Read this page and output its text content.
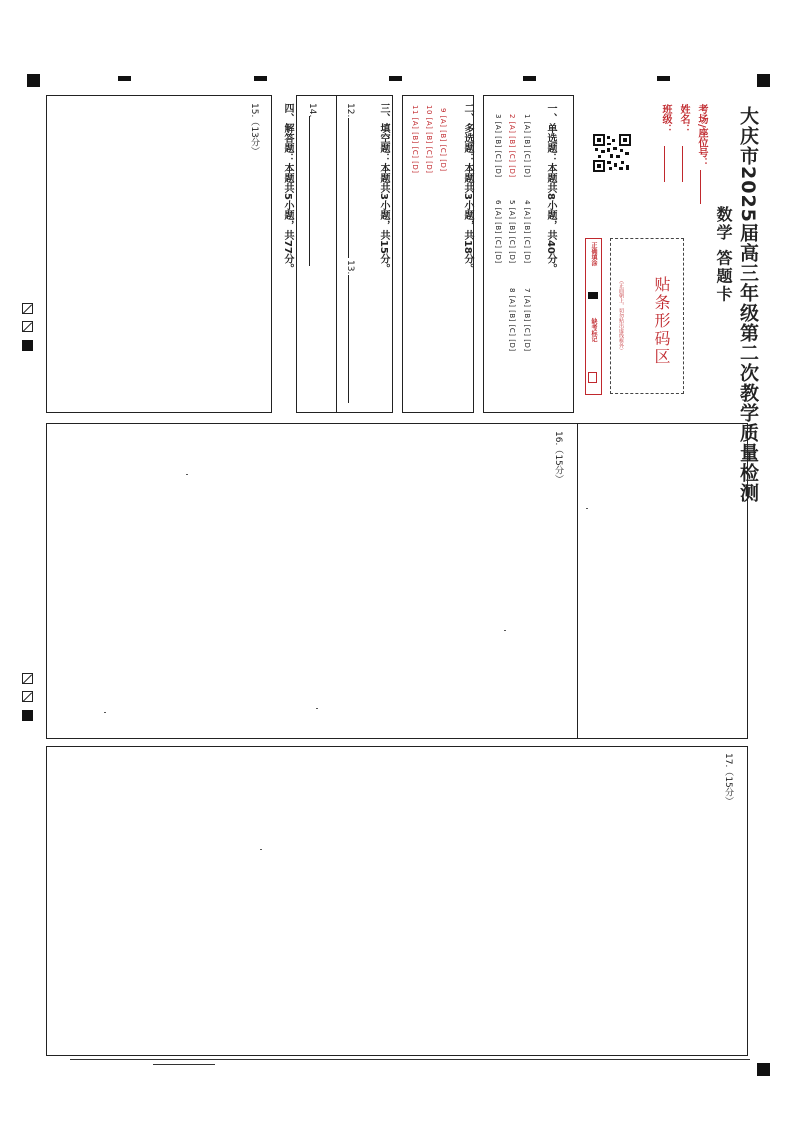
大庆市2025届高三年级第二次教学质量检测
数学 答题卡
考场/座位号：
姓名：
班级：
贴条形码区
（正面朝上，切勿贴出虚线框外）
正确填涂
缺考标记
一、单选题：本题共8小题，共40分。
1 [A] [B] [C] [D]
2 [A] [B] [C] [D]
3 [A] [B] [C] [D]
4 [A] [B] [C] [D]
5 [A] [B] [C] [D]
6 [A] [B] [C] [D]
7 [A] [B] [C] [D]
8 [A] [B] [C] [D]
二、多选题：本题共3小题，共18分。
9 [A] [B] [C] [D]
10 [A] [B] [C] [D]
11 [A] [B] [C] [D]
三、填空题：本题共3小题，共15分。
12.
13.
14.
四、解答题：本题共5小题，共77分。
15.（13分）
16.（15分）
17.（15分）
